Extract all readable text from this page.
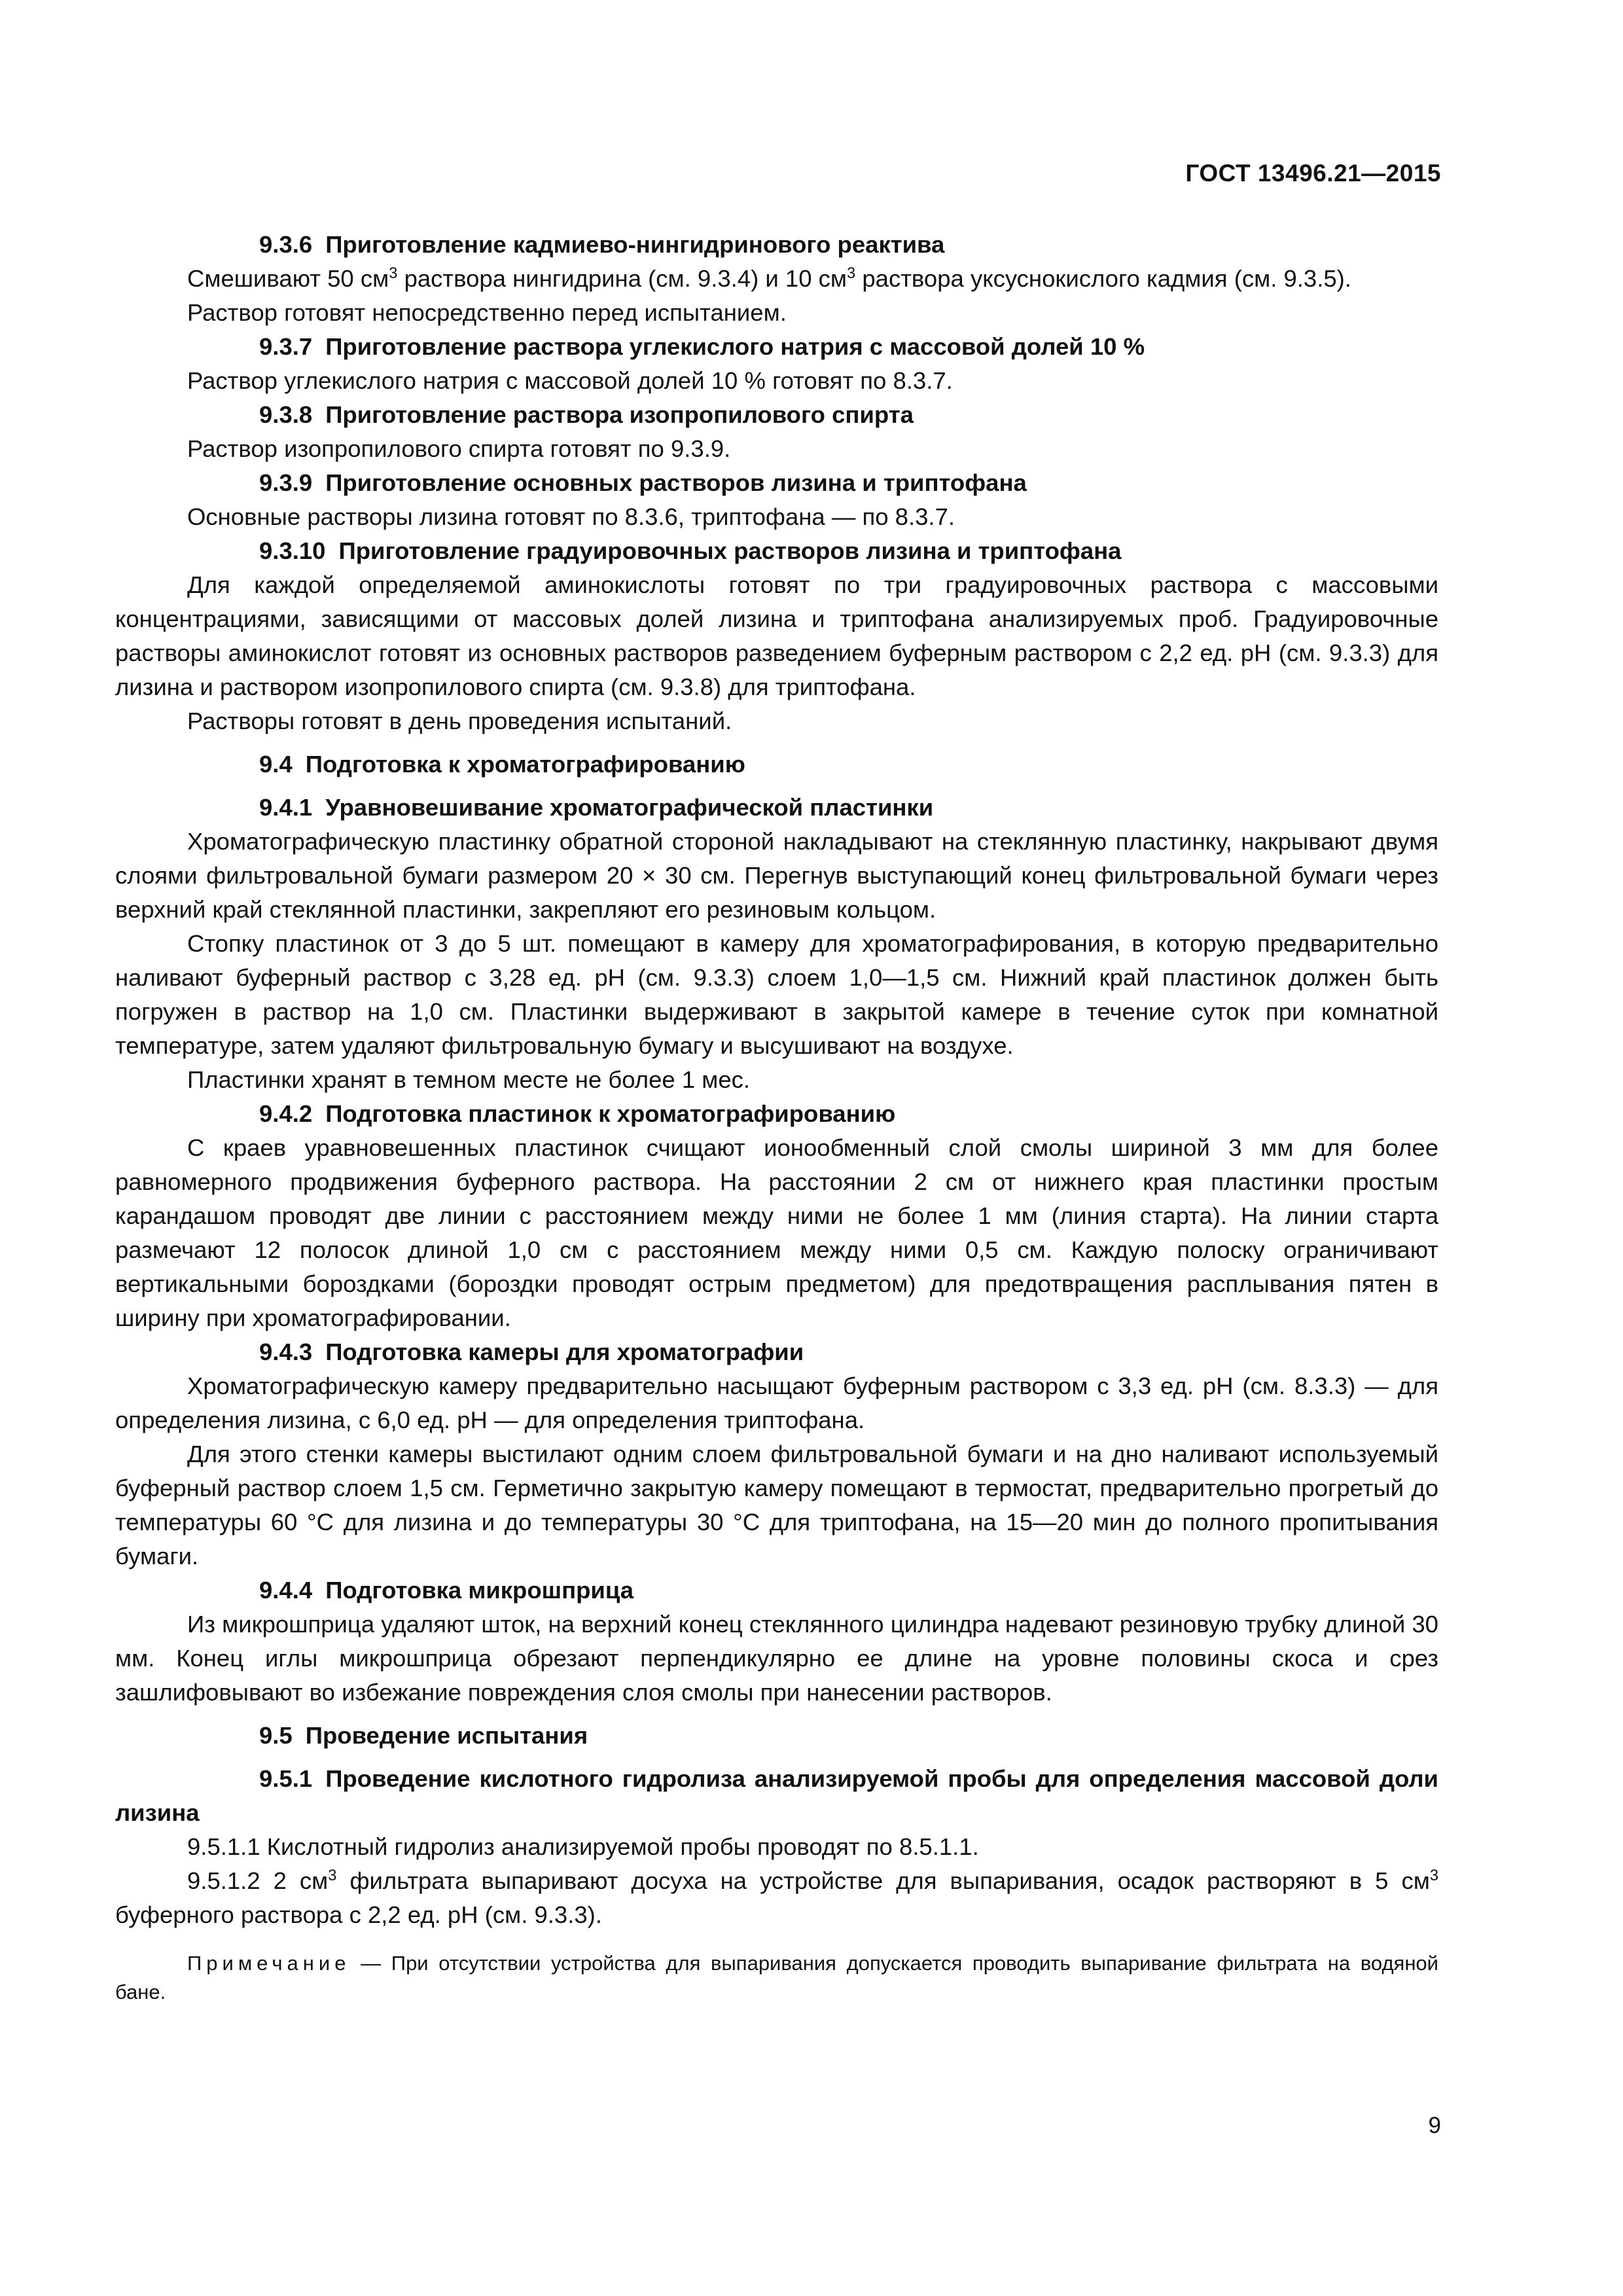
ГОСТ 13496.21—2015

9.3.6 Приготовление кадмиево-нингидринового реактива

Смешивают 50 $см^3$ раствора нингидрина (см. 9.3.4) и 10 $см^3$ раствора уксуснокислого кадмия (см. 9.3.5).

Раствор готовят непосредственно перед испытанием.

9.3.7 Приготовление раствора углекислого натрия с массовой долей 10 %

Раствор углекислого натрия с массовой долей 10 % готовят по 8.3.7.

9.3.8 Приготовление раствора изопропилового спирта

Раствор изопропилового спирта готовят по 9.3.9.

9.3.9 Приготовление основных растворов лизина и триптофана

Основные растворы лизина готовят по 8.3.6, триптофана — по 8.3.7.

9.3.10 Приготовление градуировочных растворов лизина и триптофана

Для каждой определяемой аминокислоты готовят по три градуировочных раствора с массовыми концентрациями, зависящими от массовых долей лизина и триптофана анализируемых проб. Градуировочные растворы аминокислот готовят из основных растворов разведением буферным раствором с 2,2 ед. pH (см. 9.3.3) для лизина и раствором изопропилового спирта (см. 9.3.8) для триптофана.

Растворы готовят в день проведения испытаний.

9.4 Подготовка к хроматографированию

9.4.1 Уравновешивание хроматографической пластинки

Хроматографическую пластинку обратной стороной накладывают на стеклянную пластинку, накрывают двумя слоями фильтровальной бумаги размером 20 × 30 см. Перегнув выступающий конец фильтровальной бумаги через верхний край стеклянной пластинки, закрепляют его резиновым кольцом.

Стопку пластинок от 3 до 5 шт. помещают в камеру для хроматографирования, в которую предварительно наливают буферный раствор с 3,28 ед. pH (см. 9.3.3) слоем 1,0—1,5 см. Нижний край пластинок должен быть погружен в раствор на 1,0 см. Пластинки выдерживают в закрытой камере в течение суток при комнатной температуре, затем удаляют фильтровальную бумагу и высушивают на воздухе.

Пластинки хранят в темном месте не более 1 мес.

9.4.2 Подготовка пластинок к хроматографированию

С краев уравновешенных пластинок счищают ионообменный слой смолы шириной 3 мм для более равномерного продвижения буферного раствора. На расстоянии 2 см от нижнего края пластинки простым карандашом проводят две линии с расстоянием между ними не более 1 мм (линия старта). На линии старта размечают 12 полосок длиной 1,0 см с расстоянием между ними 0,5 см. Каждую полоску ограничивают вертикальными бороздками (бороздки проводят острым предметом) для предотвращения расплывания пятен в ширину при хроматографировании.

9.4.3 Подготовка камеры для хроматографии

Хроматографическую камеру предварительно насыщают буферным раствором с 3,3 ед. pH (см. 8.3.3) — для определения лизина, с 6,0 ед. pH — для определения триптофана.

Для этого стенки камеры выстилают одним слоем фильтровальной бумаги и на дно наливают используемый буферный раствор слоем 1,5 см. Герметично закрытую камеру помещают в термостат, предварительно прогретый до температуры 60 °С для лизина и до температуры 30 °С для триптофана, на 15—20 мин до полного пропитывания бумаги.

9.4.4 Подготовка микрошприца

Из микрошприца удаляют шток, на верхний конец стеклянного цилиндра надевают резиновую трубку длиной 30 мм. Конец иглы микрошприца обрезают перпендикулярно ее длине на уровне половины скоса и срез зашлифовывают во избежание повреждения слоя смолы при нанесении растворов.

9.5 Проведение испытания

9.5.1 Проведение кислотного гидролиза анализируемой пробы для определения массовой доли лизина

9.5.1.1 Кислотный гидролиз анализируемой пробы проводят по 8.5.1.1.

9.5.1.2 2 $см^3$ фильтрата выпаривают досуха на устройстве для выпаривания, осадок растворяют в 5 $см^3$ буферного раствора с 2,2 ед. pH (см. 9.3.3).

Примечание — При отсутствии устройства для выпаривания допускается проводить выпаривание фильтрата на водяной бане.

9
